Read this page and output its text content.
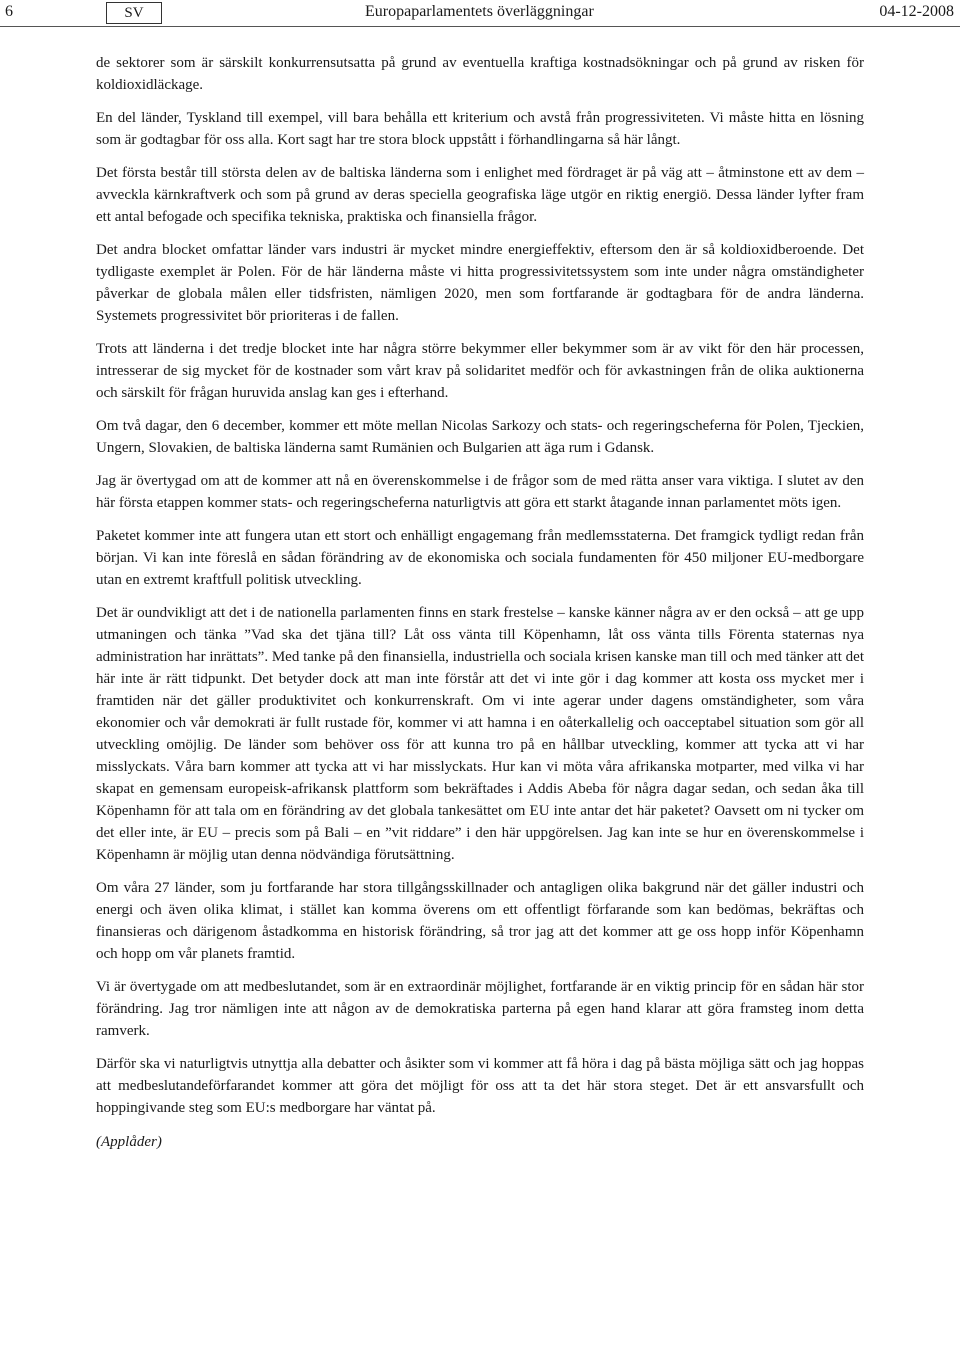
6	SV	Europaparlamentets överläggningar	04-12-2008

de sektorer som är särskilt konkurrensutsatta på grund av eventuella kraftiga kostnadsökningar och på grund av risken för koldioxidläckage.

En del länder, Tyskland till exempel, vill bara behålla ett kriterium och avstå från progressiviteten. Vi måste hitta en lösning som är godtagbar för oss alla. Kort sagt har tre stora block uppstått i förhandlingarna så här långt.

Det första består till största delen av de baltiska länderna som i enlighet med fördraget är på väg att – åtminstone ett av dem – avveckla kärnkraftverk och som på grund av deras speciella geografiska läge utgör en riktig energiö. Dessa länder lyfter fram ett antal befogade och specifika tekniska, praktiska och finansiella frågor.

Det andra blocket omfattar länder vars industri är mycket mindre energieffektiv, eftersom den är så koldioxidberoende. Det tydligaste exemplet är Polen. För de här länderna måste vi hitta progressivitetssystem som inte under några omständigheter påverkar de globala målen eller tidsfristen, nämligen 2020, men som fortfarande är godtagbara för de andra länderna. Systemets progressivitet bör prioriteras i de fallen.

Trots att länderna i det tredje blocket inte har några större bekymmer eller bekymmer som är av vikt för den här processen, intresserar de sig mycket för de kostnader som vårt krav på solidaritet medför och för avkastningen från de olika auktionerna och särskilt för frågan huruvida anslag kan ges i efterhand.

Om två dagar, den 6 december, kommer ett möte mellan Nicolas Sarkozy och stats- och regeringscheferna för Polen, Tjeckien, Ungern, Slovakien, de baltiska länderna samt Rumänien och Bulgarien att äga rum i Gdansk.

Jag är övertygad om att de kommer att nå en överenskommelse i de frågor som de med rätta anser vara viktiga. I slutet av den här första etappen kommer stats- och regeringscheferna naturligtvis att göra ett starkt åtagande innan parlamentet möts igen.

Paketet kommer inte att fungera utan ett stort och enhälligt engagemang från medlemsstaterna. Det framgick tydligt redan från början. Vi kan inte föreslå en sådan förändring av de ekonomiska och sociala fundamenten för 450 miljoner EU-medborgare utan en extremt kraftfull politisk utveckling.

Det är oundvikligt att det i de nationella parlamenten finns en stark frestelse – kanske känner några av er den också – att ge upp utmaningen och tänka ”Vad ska det tjäna till? Låt oss vänta till Köpenhamn, låt oss vänta tills Förenta staternas nya administration har inrättats”. Med tanke på den finansiella, industriella och sociala krisen kanske man till och med tänker att det här inte är rätt tidpunkt. Det betyder dock att man inte förstår att det vi inte gör i dag kommer att kosta oss mycket mer i framtiden när det gäller produktivitet och konkurrenskraft. Om vi inte agerar under dagens omständigheter, som våra ekonomier och vår demokrati är fullt rustade för, kommer vi att hamna i en oåterkallelig och oacceptabel situation som gör all utveckling omöjlig. De länder som behöver oss för att kunna tro på en hållbar utveckling, kommer att tycka att vi har misslyckats. Våra barn kommer att tycka att vi har misslyckats. Hur kan vi möta våra afrikanska motparter, med vilka vi har skapat en gemensam europeisk-afrikansk plattform som bekräftades i Addis Abeba för några dagar sedan, och sedan åka till Köpenhamn för att tala om en förändring av det globala tankesättet om EU inte antar det här paketet? Oavsett om ni tycker om det eller inte, är EU – precis som på Bali – en ”vit riddare” i den här uppgörelsen. Jag kan inte se hur en överenskommelse i Köpenhamn är möjlig utan denna nödvändiga förutsättning.

Om våra 27 länder, som ju fortfarande har stora tillgångsskillnader och antagligen olika bakgrund när det gäller industri och energi och även olika klimat, i stället kan komma överens om ett offentligt förfarande som kan bedömas, bekräftas och finansieras och därigenom åstadkomma en historisk förändring, så tror jag att det kommer att ge oss hopp inför Köpenhamn och hopp om vår planets framtid.

Vi är övertygade om att medbeslutandet, som är en extraordinär möjlighet, fortfarande är en viktig princip för en sådan här stor förändring. Jag tror nämligen inte att någon av de demokratiska parterna på egen hand klarar att göra framsteg inom detta ramverk.

Därför ska vi naturligtvis utnyttja alla debatter och åsikter som vi kommer att få höra i dag på bästa möjliga sätt och jag hoppas att medbeslutandeförfarandet kommer att göra det möjligt för oss att ta det här stora steget. Det är ett ansvarsfullt och hoppingivande steg som EU:s medborgare har väntat på.

(Applåder)
